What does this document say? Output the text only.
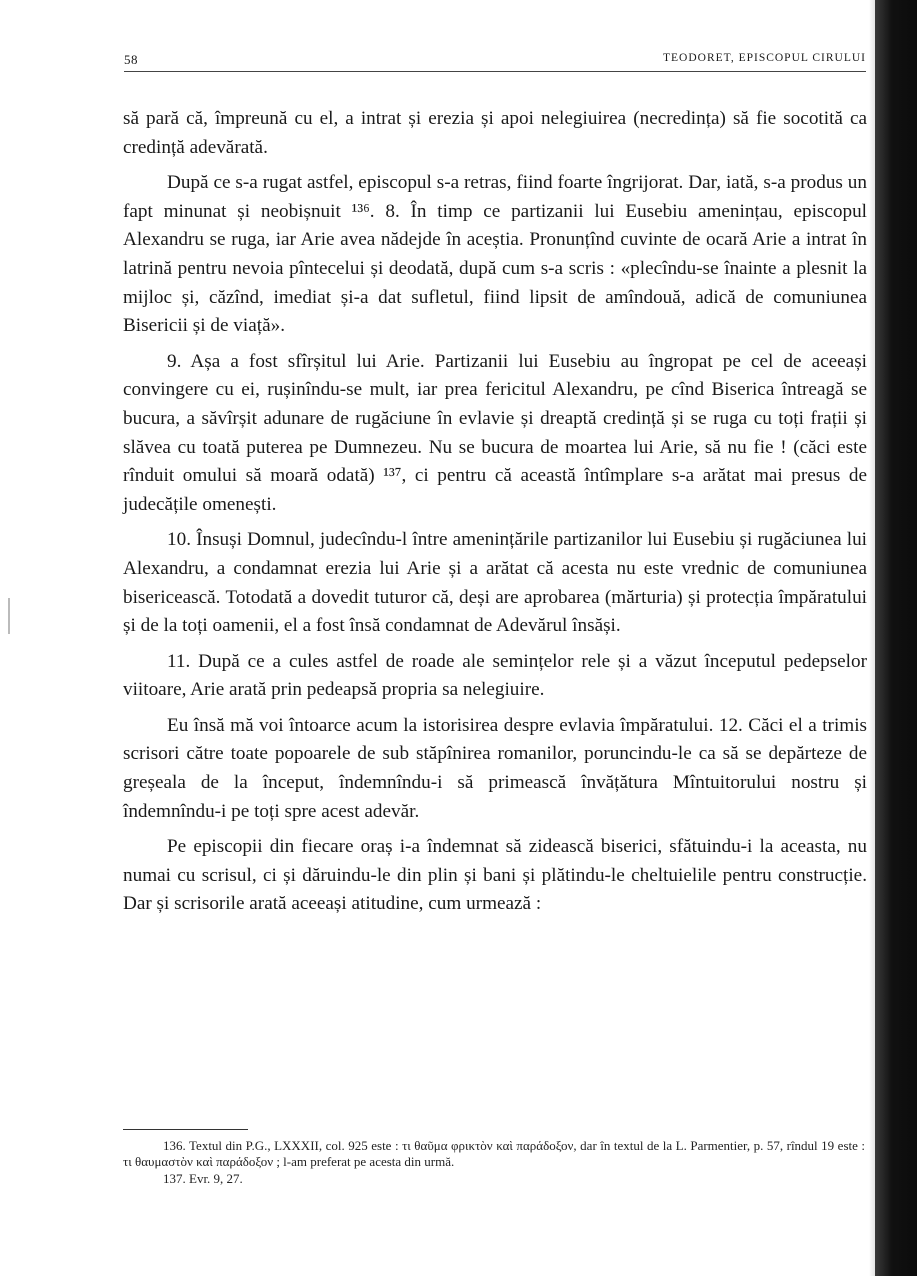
58	TEODORET, EPISCOPUL CIRULUI

să pară că, împreună cu el, a intrat și erezia și apoi nelegiuirea (necredința) să fie socotită ca credință adevărată.

După ce s-a rugat astfel, episcopul s-a retras, fiind foarte îngrijorat. Dar, iată, s-a produs un fapt minunat și neobișnuit ¹³⁶. 8. În timp ce partizanii lui Eusebiu amenințau, episcopul Alexandru se ruga, iar Arie avea nădejde în aceștia. Pronunțînd cuvinte de ocară Arie a intrat în latrină pentru nevoia pîntecelui și deodată, după cum s-a scris : «plecîndu-se înainte a plesnit la mijloc și, căzînd, imediat și-a dat sufletul, fiind lipsit de amîndouă, adică de comuniunea Bisericii și de viață».

9. Așa a fost sfîrșitul lui Arie. Partizanii lui Eusebiu au îngropat pe cel de aceeași convingere cu ei, rușinîndu-se mult, iar prea fericitul Alexandru, pe cînd Biserica întreagă se bucura, a săvîrșit adunare de rugăciune în evlavie și dreaptă credință și se ruga cu toți frații și slăvea cu toată puterea pe Dumnezeu. Nu se bucura de moartea lui Arie, să nu fie ! (căci este rînduit omului să moară odată) ¹³⁷, ci pentru că această întîmplare s-a arătat mai presus de judecățile omenești.

10. Însuși Domnul, judecîndu-l între amenințările partizanilor lui Eusebiu și rugăciunea lui Alexandru, a condamnat erezia lui Arie și a arătat că acesta nu este vrednic de comuniunea bisericească. Totodată a dovedit tuturor că, deși are aprobarea (mărturia) și protecția împăratului și de la toți oamenii, el a fost însă condamnat de Adevărul însăși.

11. După ce a cules astfel de roade ale semințelor rele și a văzut începutul pedepselor viitoare, Arie arată prin pedeapsă propria sa nelegiuire.

Eu însă mă voi întoarce acum la istorisirea despre evlavia împăratului. 12. Căci el a trimis scrisori către toate popoarele de sub stăpînirea romanilor, poruncindu-le ca să se depărteze de greșeala de la început, îndemnîndu-i să primească învățătura Mîntuitorului nostru și îndemnîndu-i pe toți spre acest adevăr.

Pe episcopii din fiecare oraș i-a îndemnat să zidească biserici, sfătuindu-i la aceasta, nu numai cu scrisul, ci și dăruindu-le din plin și bani și plătindu-le cheltuielile pentru construcție. Dar și scrisorile arată aceeași atitudine, cum urmează :

136. Textul din P.G., LXXXII, col. 925 este : τι θαῦμα φρικτὸν καὶ παράδοξον, dar în textul de la L. Parmentier, p. 57, rîndul 19 este : τι θαυμαστὸν καὶ παράδοξον ; l-am preferat pe acesta din urmă.

137. Evr. 9, 27.
